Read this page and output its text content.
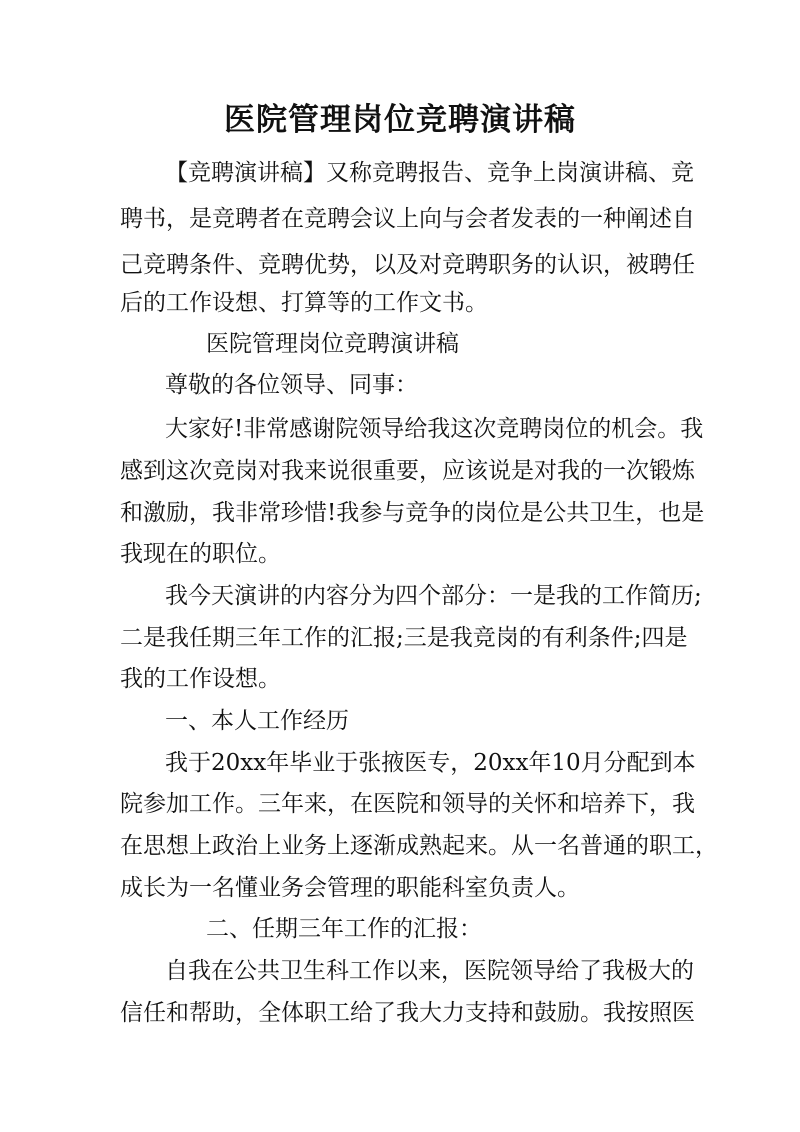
医院管理岗位竞聘演讲稿
【竞聘演讲稿】又称竞聘报告、竞争上岗演讲稿、竞
聘书，是竞聘者在竞聘会议上向与会者发表的一种阐述自
己竞聘条件、竞聘优势，以及对竞聘职务的认识，被聘任
后的工作设想、打算等的工作文书。
医院管理岗位竞聘演讲稿
尊敬的各位领导、同事：
大家好!非常感谢院领导给我这次竞聘岗位的机会。我
感到这次竞岗对我来说很重要，应该说是对我的一次锻炼
和激励，我非常珍惜!我参与竞争的岗位是公共卫生，也是
我现在的职位。
我今天演讲的内容分为四个部分：一是我的工作简历;
二是我任期三年工作的汇报;三是我竞岗的有利条件;四是
我的工作设想。
一、本人工作经历
我于20xx年毕业于张掖医专，20xx年10月分配到本
院参加工作。三年来，在医院和领导的关怀和培养下，我
在思想上政治上业务上逐渐成熟起来。从一名普通的职工，
成长为一名懂业务会管理的职能科室负责人。
二、任期三年工作的汇报：
自我在公共卫生科工作以来，医院领导给了我极大的
信任和帮助，全体职工给了我大力支持和鼓励。我按照医
